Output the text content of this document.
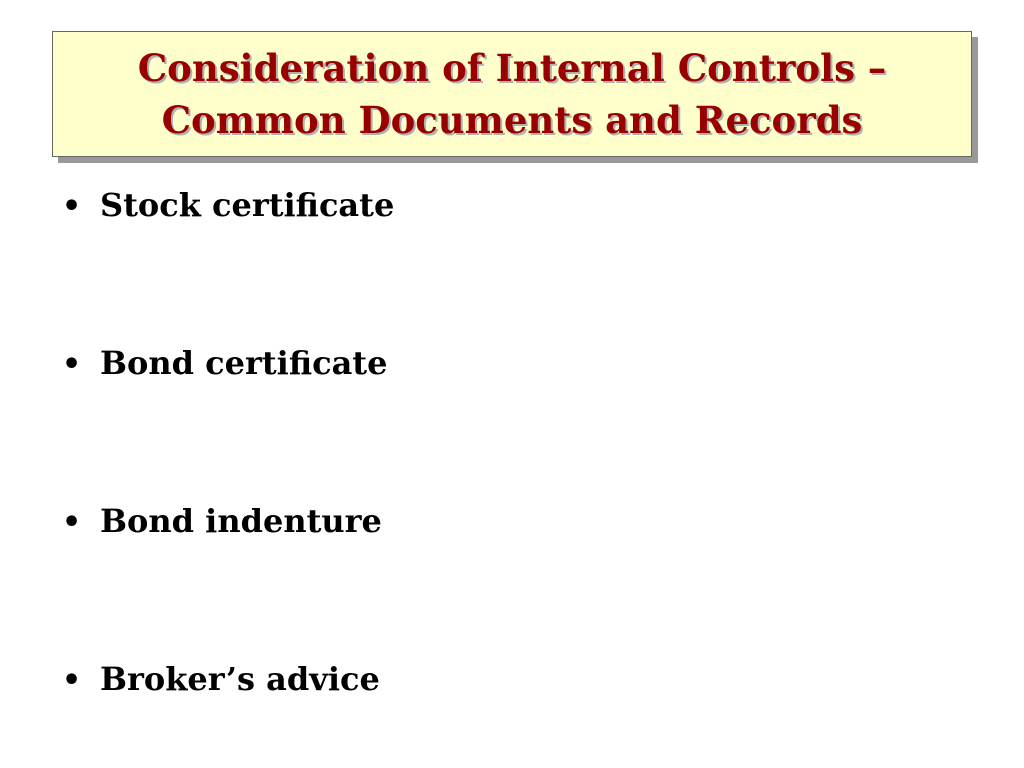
Consideration of Internal Controls –
Common Documents and Records
• Stock certificate
• Bond certificate
• Bond indenture
• Broker’s advice
